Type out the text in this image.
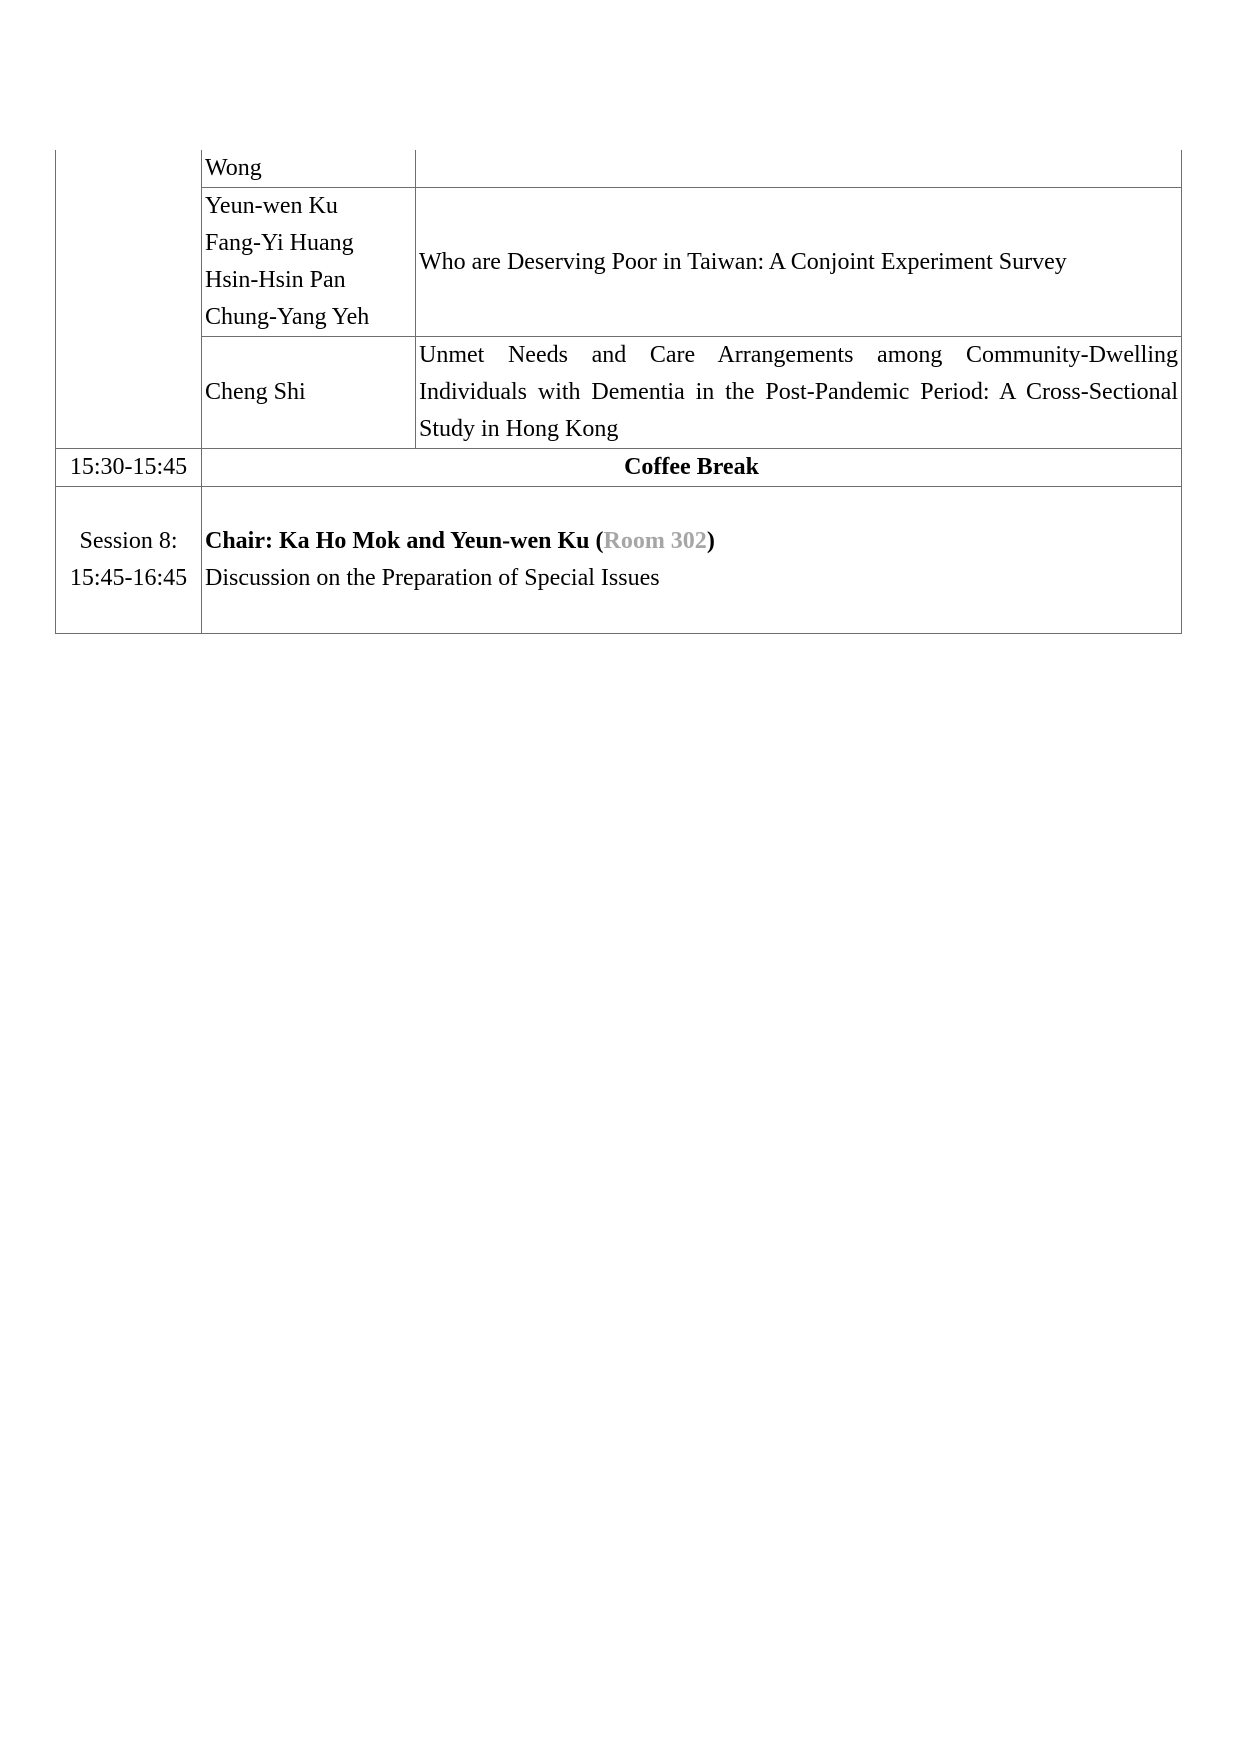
	Wong	

	Yeun-wen Ku
Fang-Yi Huang
Hsin-Hsin Pan
Chung-Yang Yeh	Who are Deserving Poor in Taiwan: A Conjoint Experiment Survey
	Cheng Shi	Unmet Needs and Care Arrangements among Community-Dwelling Individuals with Dementia in the Post-Pandemic Period: A Cross-Sectional Study in Hong Kong
15:30-15:45	Coffee Break	

Session 8:
15:45-16:45	Chair: Ka Ho Mok and Yeun-wen Ku (Room 302)
Discussion on the Preparation of Special Issues	
